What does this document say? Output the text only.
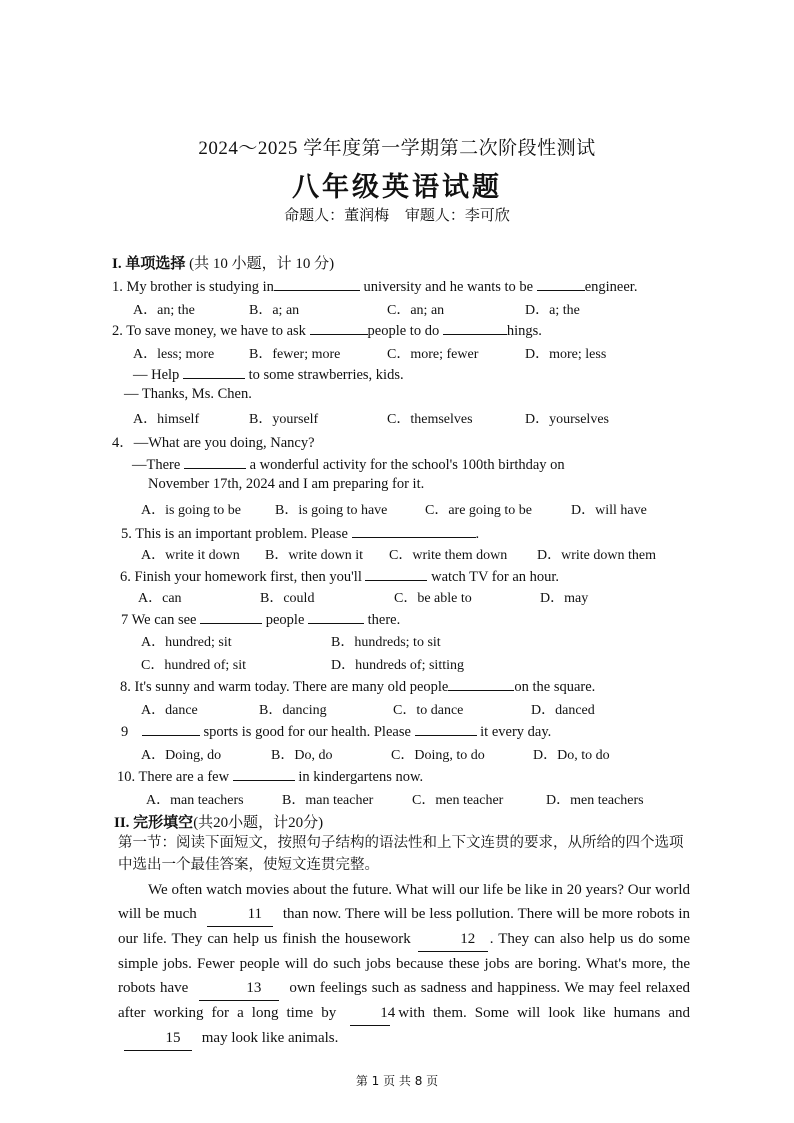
2024～2025 学年度第一学期第二次阶段性测试
八年级英语试题
命题人：董润梅 审题人：李可欣
I. 单项选择 (共 10 小题，计 10 分)
1. My brother is studying in	university and he wants to be	engineer.
A．an; the	B．a; an	C．an; an	D．a; the
2. To save money, we have to ask	people to do	hings.
A．less; more B．fewer; more	C．more; fewer	D．more; less
— Help	to some strawberries, kids.
— Thanks, Ms. Chen.
A．himself	B．yourself	C．themselves	D．yourselves
4．—What are you doing, Nancy?
—There	a wonderful activity for the school's 100th birthday on
November 17th, 2024 and I am preparing for it.
A．is going to be B．is going to have	C．are going to be	D．will have
5. This is an important problem. Please	.
A．write it down B．write down it C．write them down D．write down them
6. Finish your homework first, then you'll	watch TV for an hour.
A．can	B．could	C．be able to	D．may
7 We can see	people	there.
A．hundred; sit	B．hundreds; to sit
C．hundred of; sit	D．hundreds of; sitting
8. It's sunny and warm today. There are many old people	on the square.
A．dance	B．dancing	C．to dance	D．danced
9	sports is good for our health. Please	it every day.
A．Doing, do	B．Do, do	C．Doing, to do	D．Do, to do
10. There are a few	in kindergartens now.
A．man teachers	B．man teacher	C．men teacher	D．men teachers
II. 完形填空(共20小题，计20分)
第一节：阅读下面短文，按照句子结构的语法性和上下文连贯的要求，从所给的四个选项中选出一个最佳答案，使短文连贯完整。
We often watch movies about the future. What will our life be like in 20 years? Our world will be much	11 than now. There will be less pollution. There will be more robots in our life. They can help us finish the housework	12 . They can also help us do some simple jobs. Fewer people will do such jobs because these jobs are boring. What's more, the robots have	13 own feelings such as sadness and happiness. We may feel relaxed after working for a long time by	14 with them. Some will look like humans and 15 may look like animals.
第 1 页 共 8 页
